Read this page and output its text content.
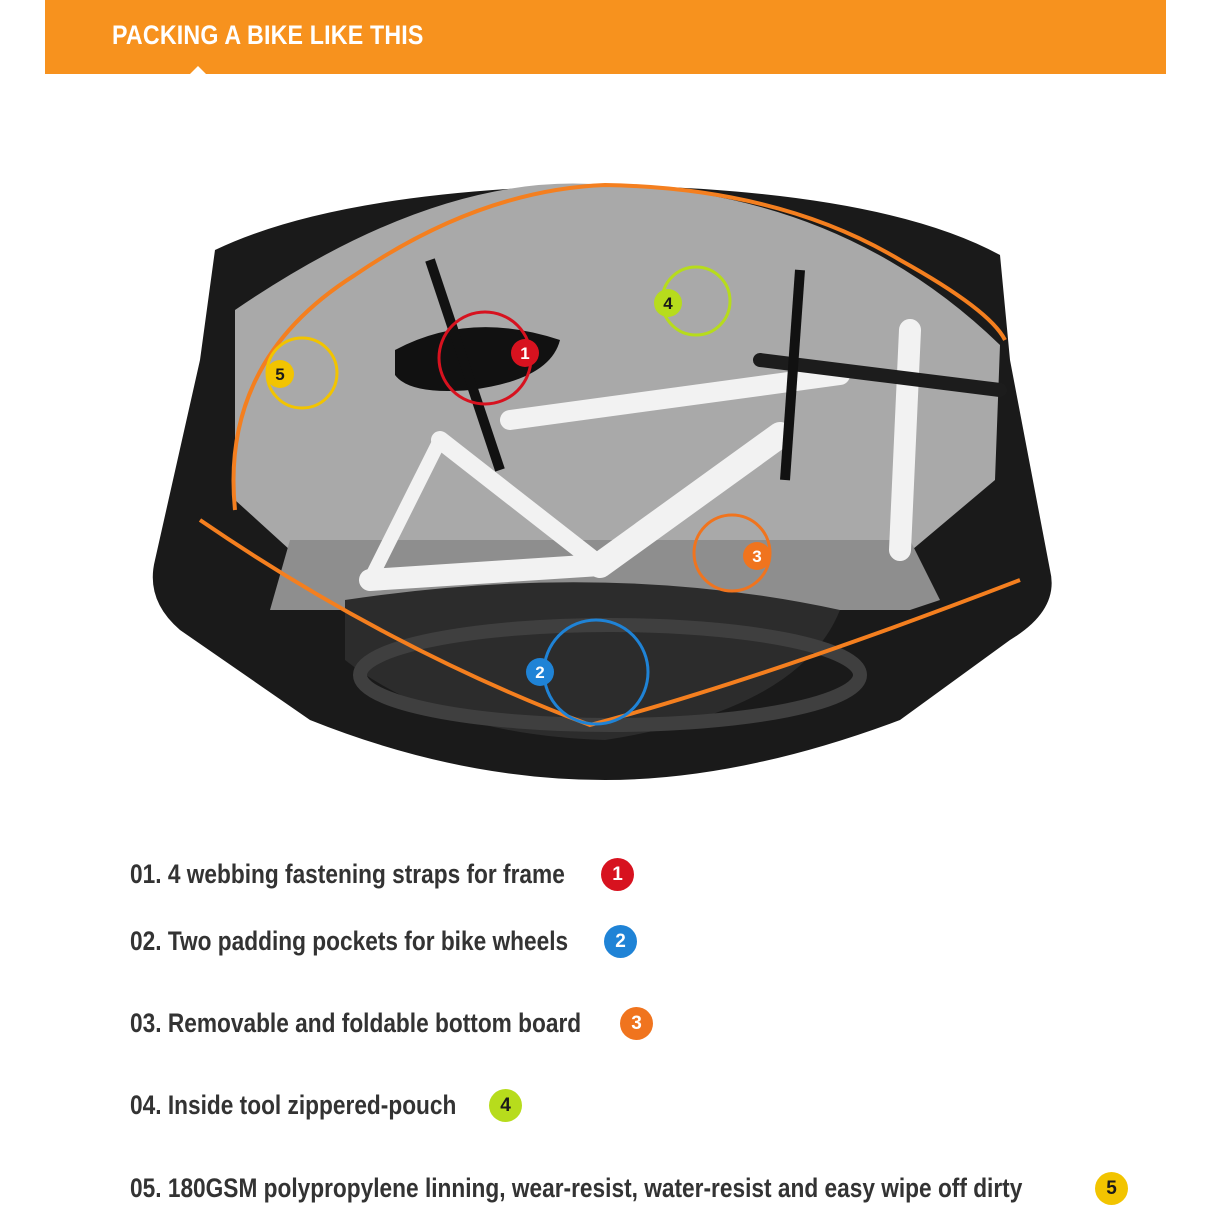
PACKING A BIKE LIKE THIS
1
4
5
3
2
01. 4 webbing fastening straps for frame	1
02. Two padding pockets for bike wheels	2
03. Removable and foldable bottom board	3
04. Inside tool zippered-pouch	4
05. 180GSM polypropylene linning, wear-resist, water-resist and easy wipe off dirty	5
